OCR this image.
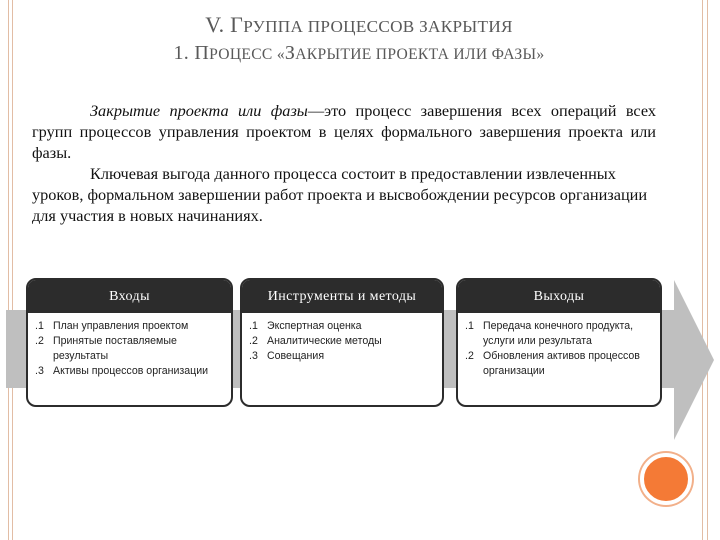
V. ГРУППА ПРОЦЕССОВ ЗАКРЫТИЯ
1. ПРОЦЕСС «ЗАКРЫТИЕ ПРОЕКТА ИЛИ ФАЗЫ»

Закрытие проекта или фазы—это процесс завершения всех операций всех групп процессов управления проектом в целях формального завершения проекта или фазы.

Ключевая выгода данного процесса состоит в предоставлении извлеченных уроков, формальном завершении работ проекта и высвобождении ресурсов организации для участия в новых начинаниях.

Входы
.1 План управления проектом
.2 Принятые поставляемые результаты
.3 Активы процессов организации
Инструменты и методы
.1 Экспертная оценка
.2 Аналитические методы
.3 Совещания
Выходы
.1 Передача конечного продукта, услуги или результата
.2 Обновления активов процессов организации
